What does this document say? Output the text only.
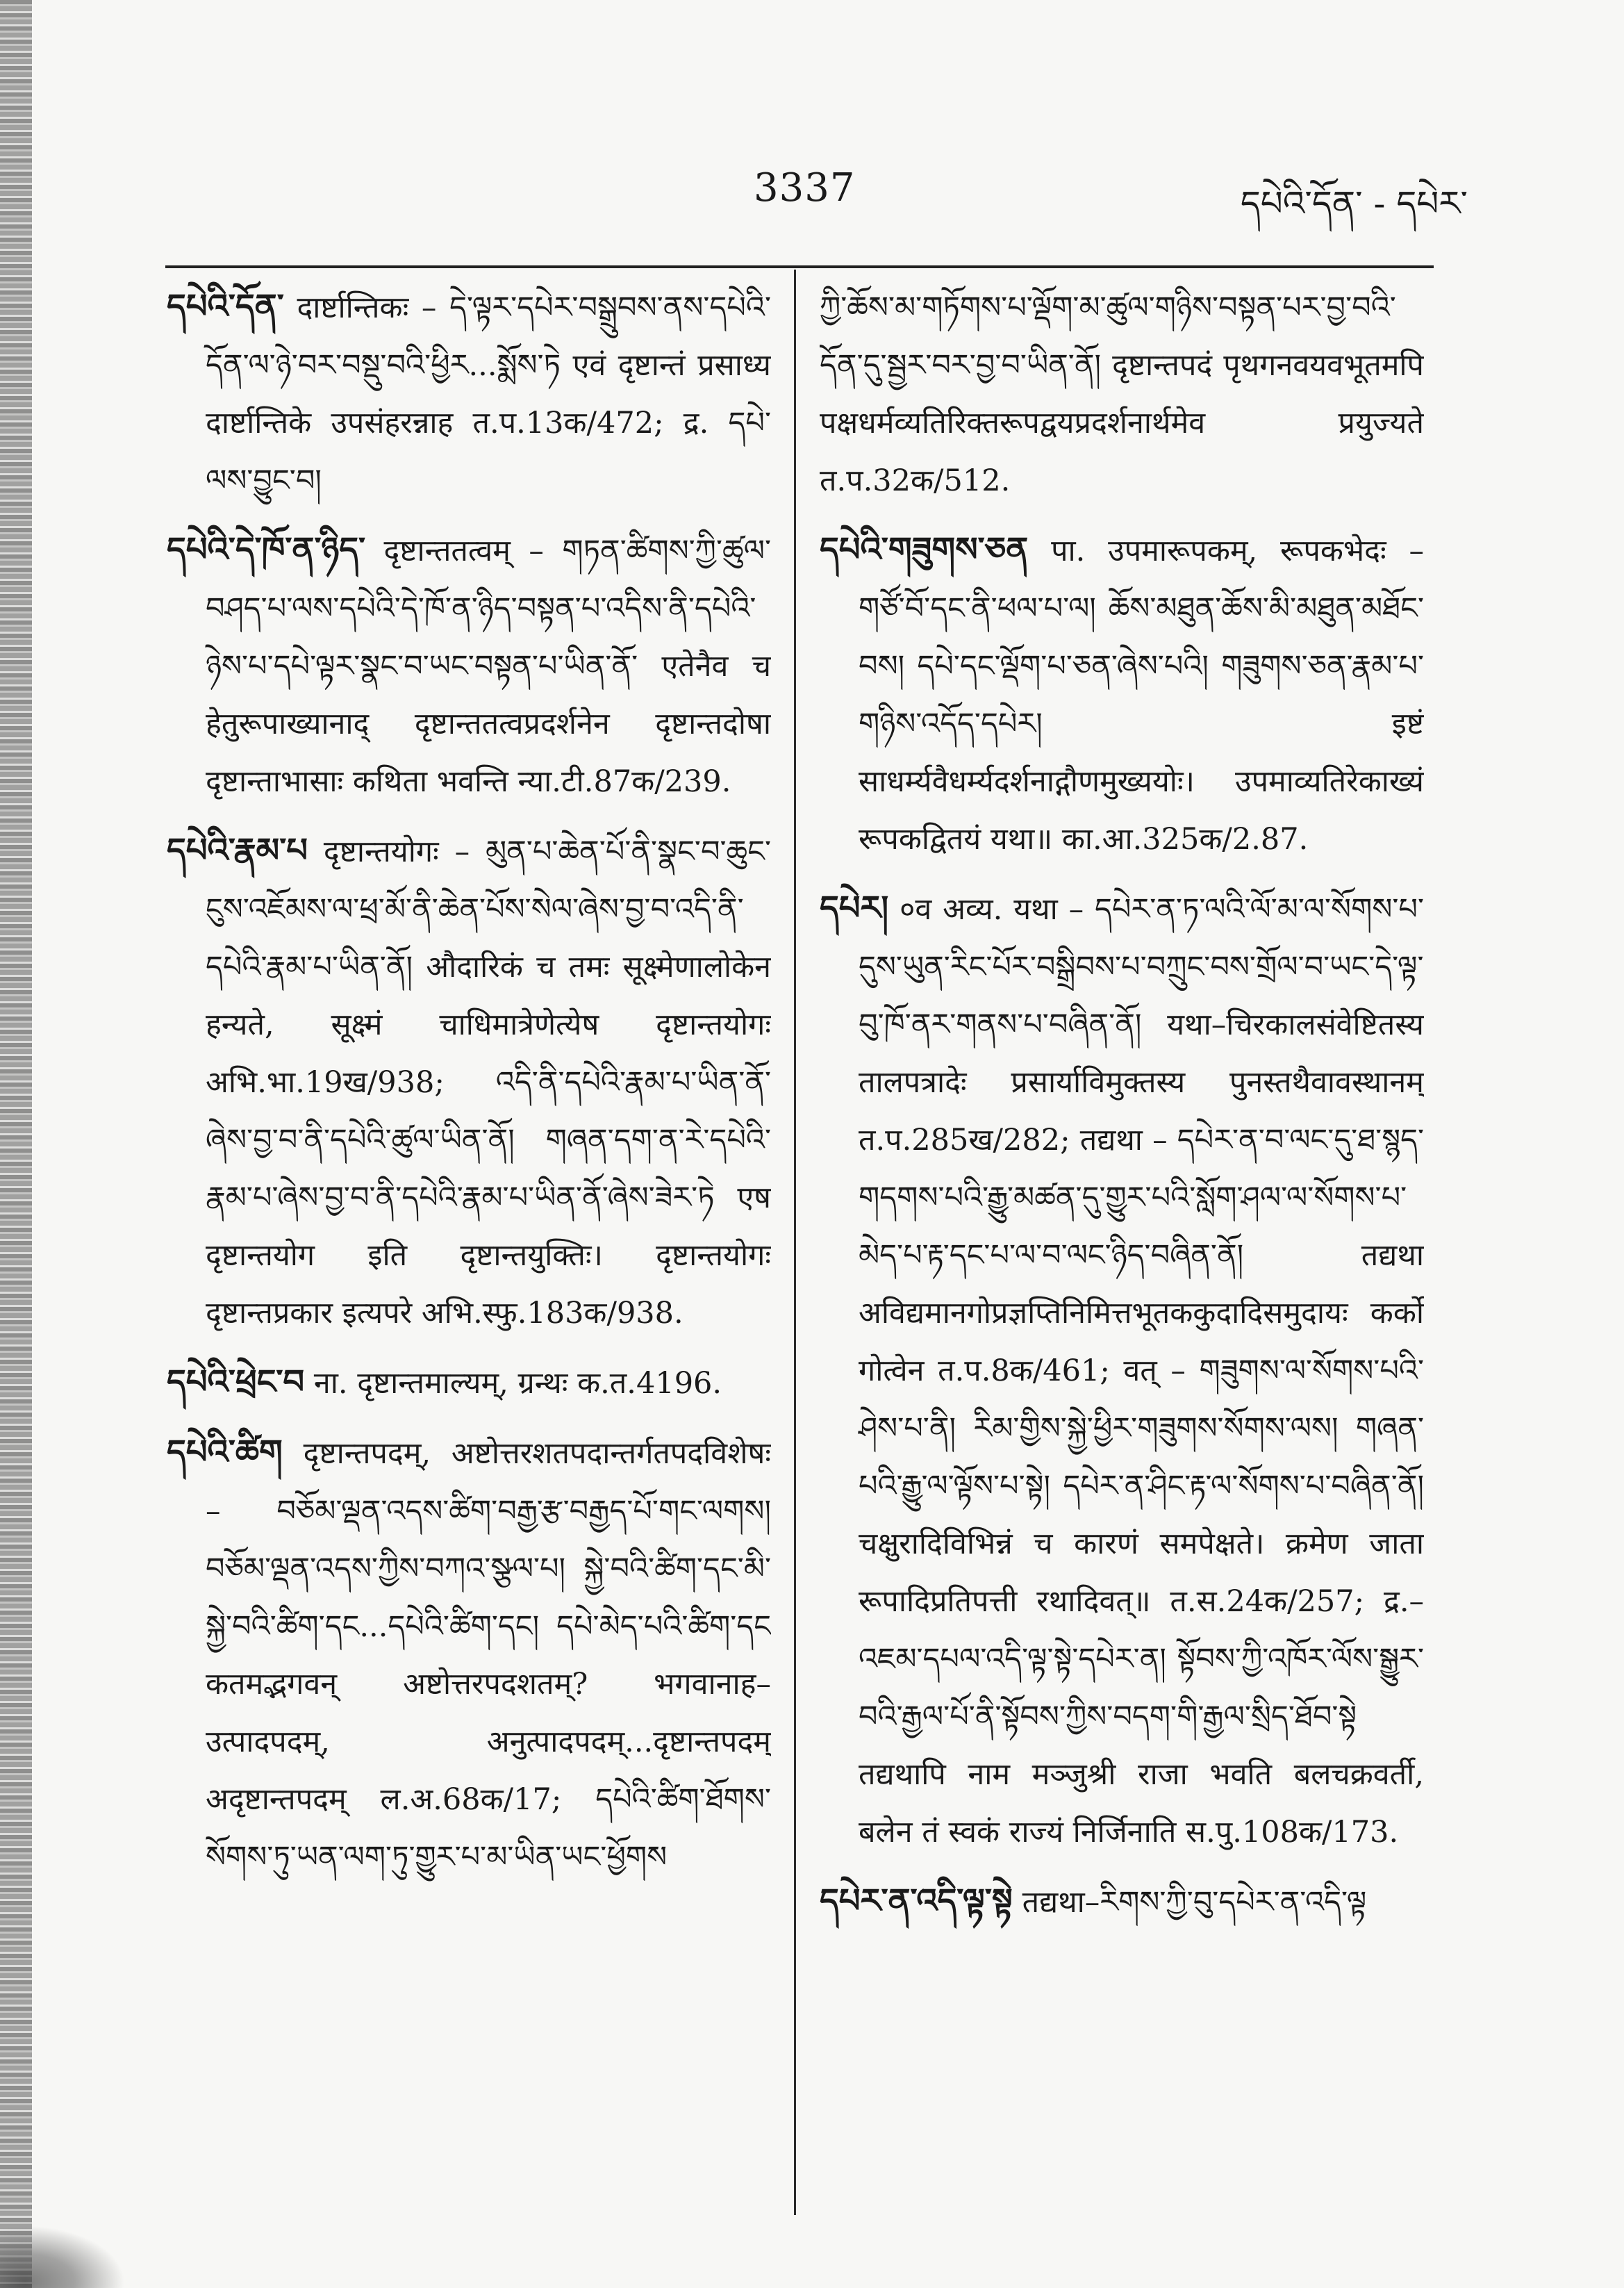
3337	དཔེའི་དོན་ - དཔེར་

དཔེའི་དོན་ दार्ष्टान्तिकः – དེ་ལྟར་དཔེར་བསྒྲུབས་ནས་དཔེའི་དོན་ལ་ཉེ་བར་བསྡུ་བའི་ཕྱིར...སྨོས་ཏེ एवं दृष्टान्तं प्रसाध्य दार्ष्टान्तिके उपसंहरन्नाह त.प.13क/472; द्र. དཔེ་ལས་བྱུང་བ།

དཔེའི་དེ་ཁོ་ན་ཉིད་ दृष्टान्ततत्वम् – གཏན་ཚིགས་ཀྱི་ཚུལ་བཤད་པ་ལས་དཔེའི་དེ་ཁོ་ན་ཉིད་བསྟན་པ་འདིས་ནི་དཔེའི་ཉེས་པ་དཔེ་ལྟར་སྣང་བ་ཡང་བསྟན་པ་ཡིན་ནོ་ एतेनैव च हेतुरूपाख्यानाद् दृष्टान्ततत्वप्रदर्शनेन दृष्टान्तदोषा दृष्टान्ताभासाः कथिता भवन्ति न्या.टी.87क/239.

དཔེའི་རྣམ་པ दृष्टान्तयोगः – མུན་པ་ཆེན་པོ་ནི་སྣང་བ་ཆུང་ངུས་འཇོམས་ལ་ཕྲ་མོ་ནི་ཆེན་པོས་སེལ་ཞེས་བྱ་བ་འདི་ནི་དཔེའི་རྣམ་པ་ཡིན་ནོ། औदारिकं च तमः सूक्ष्मेणालोकेन हन्यते, सूक्ष्मं चाधिमात्रेणेत्येष दृष्टान्तयोगः अभि.भा.19ख/938; འདི་ནི་དཔེའི་རྣམ་པ་ཡིན་ནོ་ཞེས་བྱ་བ་ནི་དཔེའི་ཚུལ་ཡིན་ནོ། གཞན་དག་ན་རེ་དཔེའི་རྣམ་པ་ཞེས་བྱ་བ་ནི་དཔེའི་རྣམ་པ་ཡིན་ནོ་ཞེས་ཟེར་ཏེ एष दृष्टान्तयोग इति दृष्टान्तयुक्तिः। दृष्टान्तयोगः दृष्टान्तप्रकार इत्यपरे अभि.स्फु.183क/938.

དཔེའི་ཕྲེང་བ ना. दृष्टान्तमाल्यम्, ग्रन्थः क.त.4196.

དཔེའི་ཚིག दृष्टान्तपदम्, अष्टोत्तरशतपदान्तर्गतपदविशेषः – བཅོམ་ལྡན་འདས་ཚིག་བརྒྱ་རྩ་བརྒྱད་པོ་གང་ལགས། བཅོམ་ལྡན་འདས་ཀྱིས་བཀའ་སྩལ་པ། སྐྱེ་བའི་ཚིག་དང་མི་སྐྱེ་བའི་ཚིག་དང...དཔེའི་ཚིག་དང། དཔེ་མེད་པའི་ཚིག་དང कतमद्भगवन् अष्टोत्तरपदशतम्? भगवानाह–उत्पादपदम्, अनुत्पादपदम्...दृष्टान्तपदम् अदृष्टान्तपदम् ल.अ.68क/17; དཔེའི་ཚིག་ཐོགས་སོགས་ཏུ་ཡན་ལག་ཏུ་གྱུར་པ་མ་ཡིན་ཡང་ཕྱོགས

ཀྱི་ཆོས་མ་གཏོགས་པ་ལྡོག་མ་ཚུལ་གཉིས་བསྟན་པར་བྱ་བའི་དོན་དུ་སྦྱར་བར་བྱ་བ་ཡིན་ནོ། दृष्टान्तपदं पृथगनवयवभूतमपि पक्षधर्मव्यतिरिक्तरूपद्वयप्रदर्शनार्थमेव प्रयुज्यते त.प.32क/512.

དཔེའི་གཟུགས་ཅན पा. उपमारूपकम्, रूपकभेदः – གཙོ་བོ་དང་ནི་ཕལ་པ་ལ། ཆོས་མཐུན་ཆོས་མི་མཐུན་མཐོང་བས། དཔེ་དང་ལྡོག་པ་ཅན་ཞེས་པའི། གཟུགས་ཅན་རྣམ་པ་གཉིས་འདོད་དཔེར། इष्टं साधर्म्यवैधर्म्यदर्शनाद्गौणमुख्ययोः। उपमाव्यतिरेकाख्यं रूपकद्वितयं यथा॥ का.आ.325क/2.87.

དཔེར། ०व अव्य. यथा – དཔེར་ན་ཏ་ལའི་ལོ་མ་ལ་སོགས་པ་དུས་ཡུན་རིང་པོར་བསྒྲིབས་པ་བཀྲུང་བས་གྲོལ་བ་ཡང་དེ་ལྟ་བུ་ཁོ་ནར་གནས་པ་བཞིན་ནོ། यथा–चिरकालसंवेष्टितस्य तालपत्रादेः प्रसार्याविमुक्तस्य पुनस्तथैवावस्थानम् त.प.285ख/282; तद्यथा – དཔེར་ན་བ་ལང་དུ་ཐ་སྙད་གདགས་པའི་རྒྱུ་མཚན་དུ་གྱུར་པའི་སློག་ཤལ་ལ་སོགས་པ་མེད་པ་རྟ་དང་པ་ལ་བ་ལང་ཉིད་བཞིན་ནོ། तद्यथा अविद्यमानगोप्रज्ञप्तिनिमित्तभूतककुदादिसमुदायः कर्को गोत्वेन त.प.8क/461; वत् – གཟུགས་ལ་སོགས་པའི་ཤེས་པ་ནི། རིམ་གྱིས་སྐྱེ་ཕྱིར་གཟུགས་སོགས་ལས། གཞན་པའི་རྒྱུ་ལ་ལྟོས་པ་སྟེ། དཔེར་ན་ཤིང་རྟ་ལ་སོགས་པ་བཞིན་ནོ། चक्षुरादिविभिन्नं च कारणं समपेक्षते। क्रमेण जाता रूपादिप्रतिपत्ती रथादिवत्॥ त.स.24क/257; द्र.– འཇམ་དཔལ་འདི་ལྟ་སྟེ་དཔེར་ན། སྟོབས་ཀྱི་འཁོར་ལོས་སྒྱུར་བའི་རྒྱལ་པོ་ནི་སྟོབས་ཀྱིས་བདག་གི་རྒྱལ་སྲིད་ཐོབ་སྟེ तद्यथापि नाम मञ्जुश्री राजा भवति बलचक्रवर्ती, बलेन तं स्वकं राज्यं निर्जिनाति स.पु.108क/173.

དཔེར་ན་འདི་ལྟ་སྟེ तद्यथा–རིགས་ཀྱི་བུ་དཔེར་ན་འདི་ལྟ
